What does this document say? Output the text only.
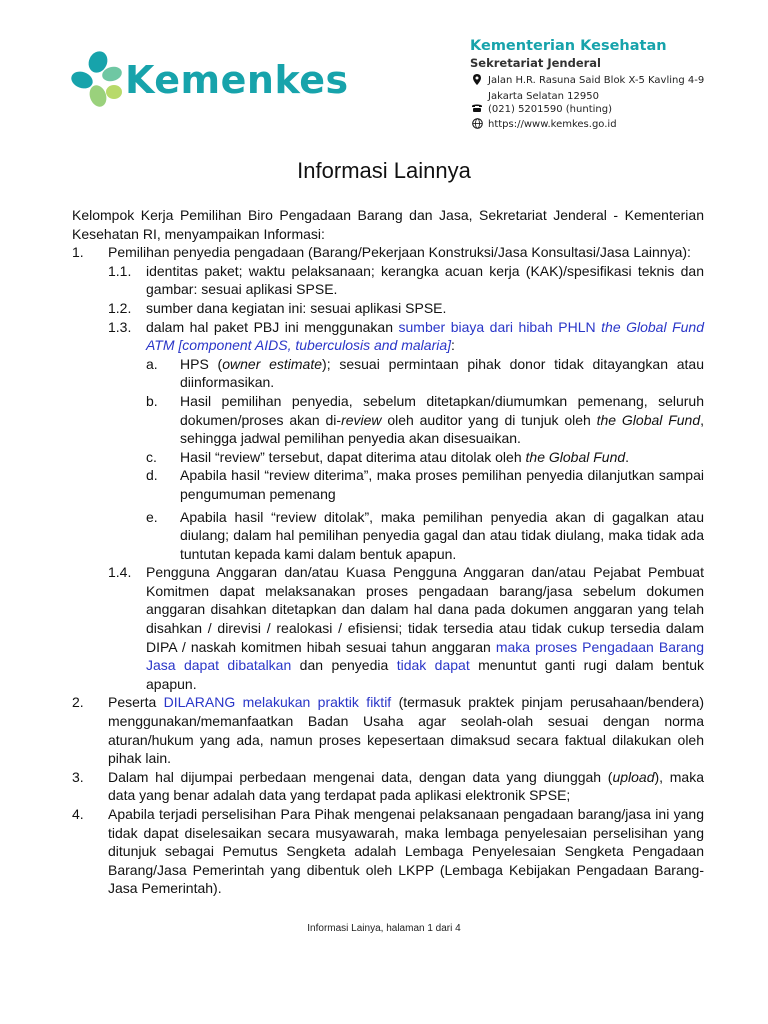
Kemenkes
Kementerian Kesehatan
Sekretariat Jenderal
Jalan H.R. Rasuna Said Blok X-5 Kavling 4-9
Jakarta Selatan 12950
(021) 5201590 (hunting)
https://www.kemkes.go.id
Informasi Lainnya
Kelompok Kerja Pemilihan Biro Pengadaan Barang dan Jasa, Sekretariat Jenderal - Kementerian Kesehatan RI, menyampaikan Informasi:
1.	Pemilihan penyedia pengadaan (Barang/Pekerjaan Konstruksi/Jasa Konsultasi/Jasa Lainnya):
1.1.	identitas paket; waktu pelaksanaan; kerangka acuan kerja (KAK)/spesifikasi teknis dan gambar: sesuai aplikasi SPSE.
1.2.	sumber dana kegiatan ini: sesuai aplikasi SPSE.
1.3.	dalam hal paket PBJ ini menggunakan sumber biaya dari hibah PHLN the Global Fund ATM [component AIDS, tuberculosis and malaria]:
a.	HPS (owner estimate); sesuai permintaan pihak donor tidak ditayangkan atau diinformasikan.
b.	Hasil pemilihan penyedia, sebelum ditetapkan/diumumkan pemenang, seluruh dokumen/proses akan di-review oleh auditor yang di tunjuk oleh the Global Fund, sehingga jadwal pemilihan penyedia akan disesuaikan.
c.	Hasil “review” tersebut, dapat diterima atau ditolak oleh the Global Fund.
d.	Apabila hasil “review diterima”, maka proses pemilihan penyedia dilanjutkan sampai pengumuman pemenang
e.	Apabila hasil “review ditolak”, maka pemilihan penyedia akan di gagalkan atau diulang; dalam hal pemilihan penyedia gagal dan atau tidak diulang, maka tidak ada tuntutan kepada kami dalam bentuk apapun.
1.4.	Pengguna Anggaran dan/atau Kuasa Pengguna Anggaran dan/atau Pejabat Pembuat Komitmen dapat melaksanakan proses pengadaan barang/jasa sebelum dokumen anggaran disahkan ditetapkan dan dalam hal dana pada dokumen anggaran yang telah disahkan / direvisi / realokasi / efisiensi; tidak tersedia atau tidak cukup tersedia dalam DIPA / naskah komitmen hibah sesuai tahun anggaran maka proses Pengadaan Barang Jasa dapat dibatalkan dan penyedia tidak dapat menuntut ganti rugi dalam bentuk apapun.
2.	Peserta DILARANG melakukan praktik fiktif (termasuk praktek pinjam perusahaan/bendera) menggunakan/memanfaatkan Badan Usaha agar seolah-olah sesuai dengan norma aturan/hukum yang ada, namun proses kepesertaan dimaksud secara faktual dilakukan oleh pihak lain.
3.	Dalam hal dijumpai perbedaan mengenai data, dengan data yang diunggah (upload), maka data yang benar adalah data yang terdapat pada aplikasi elektronik SPSE;
4.	Apabila terjadi perselisihan Para Pihak mengenai pelaksanaan pengadaan barang/jasa ini yang tidak dapat diselesaikan secara musyawarah, maka lembaga penyelesaian perselisihan yang ditunjuk sebagai Pemutus Sengketa adalah Lembaga Penyelesaian Sengketa Pengadaan Barang/Jasa Pemerintah yang dibentuk oleh LKPP (Lembaga Kebijakan Pengadaan Barang-Jasa Pemerintah).
Informasi Lainya, halaman 1 dari 4
